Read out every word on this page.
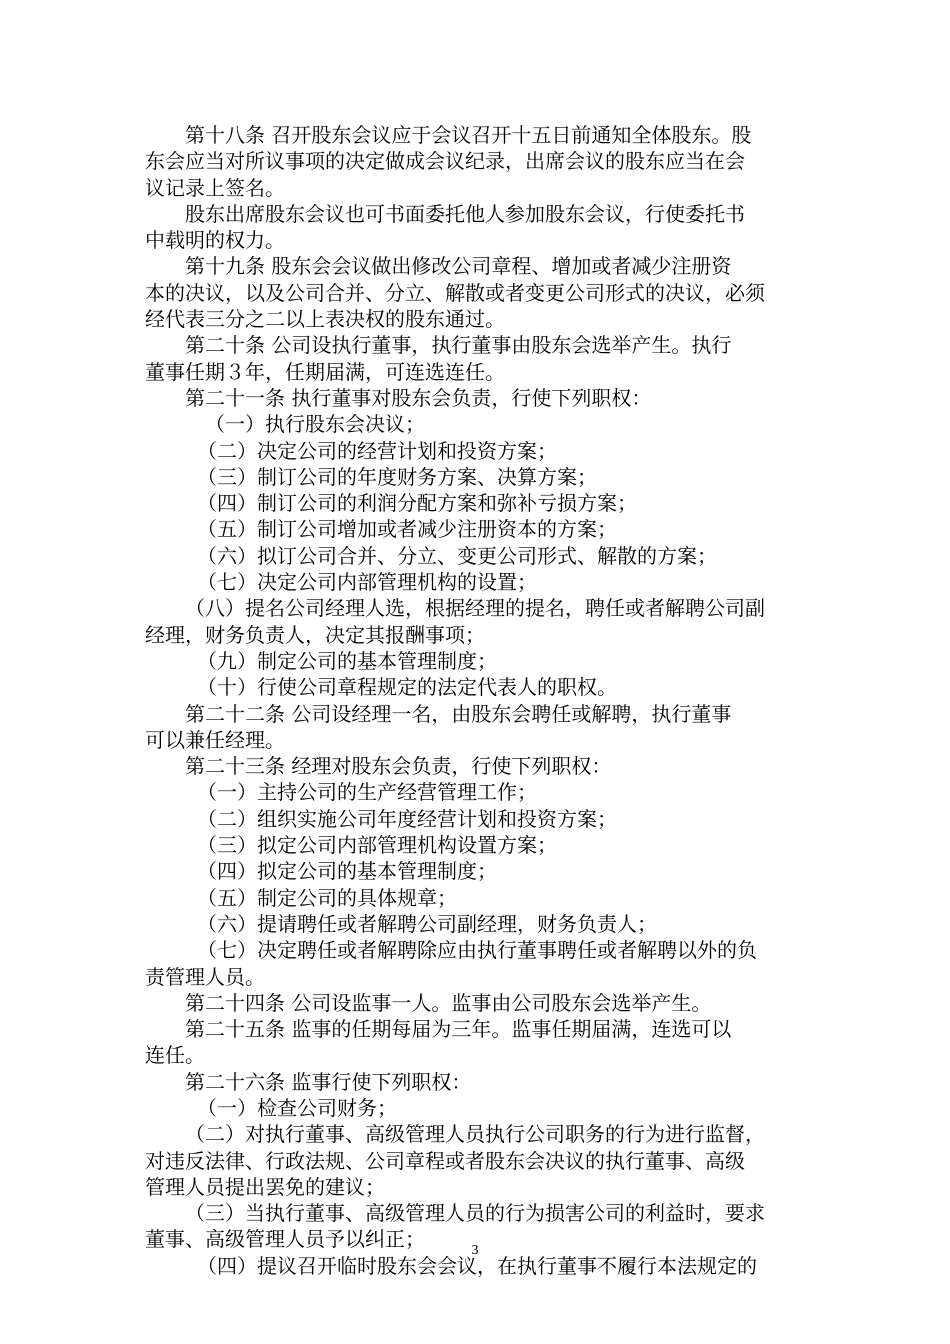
第十八条 召开股东会议应于会议召开十五日前通知全体股东。股
东会应当对所议事项的决定做成会议纪录，出席会议的股东应当在会
议记录上签名。
股东出席股东会议也可书面委托他人参加股东会议，行使委托书
中载明的权力。
第十九条 股东会会议做出修改公司章程、增加或者减少注册资
本的决议，以及公司合并、分立、解散或者变更公司形式的决议，必须
经代表三分之二以上表决权的股东通过。
第二十条 公司设执行董事，执行董事由股东会选举产生。执行
董事任期３年，任期届满，可连选连任。
第二十一条 执行董事对股东会负责，行使下列职权：
（一）执行股东会决议；
（二）决定公司的经营计划和投资方案；
（三）制订公司的年度财务方案、决算方案；
（四）制订公司的利润分配方案和弥补亏损方案；
（五）制订公司增加或者减少注册资本的方案；
（六）拟订公司合并、分立、变更公司形式、解散的方案；
（七）决定公司内部管理机构的设置；
（八）提名公司经理人选，根据经理的提名，聘任或者解聘公司副
经理，财务负责人，决定其报酬事项；
（九）制定公司的基本管理制度；
（十）行使公司章程规定的法定代表人的职权。
第二十二条 公司设经理一名，由股东会聘任或解聘，执行董事
可以兼任经理。
第二十三条 经理对股东会负责，行使下列职权：
（一）主持公司的生产经营管理工作；
（二）组织实施公司年度经营计划和投资方案；
（三）拟定公司内部管理机构设置方案；
（四）拟定公司的基本管理制度；
（五）制定公司的具体规章；
（六）提请聘任或者解聘公司副经理，财务负责人；
（七）决定聘任或者解聘除应由执行董事聘任或者解聘以外的负
责管理人员。
第二十四条 公司设监事一人。监事由公司股东会选举产生。
第二十五条 监事的任期每届为三年。监事任期届满，连选可以
连任。
第二十六条 监事行使下列职权：
（一）检查公司财务；
（二）对执行董事、高级管理人员执行公司职务的行为进行监督，
对违反法律、行政法规、公司章程或者股东会决议的执行董事、高级
管理人员提出罢免的建议；
（三）当执行董事、高级管理人员的行为损害公司的利益时，要求
董事、高级管理人员予以纠正；
（四）提议召开临时股东会会议，在执行董事不履行本法规定的
3
